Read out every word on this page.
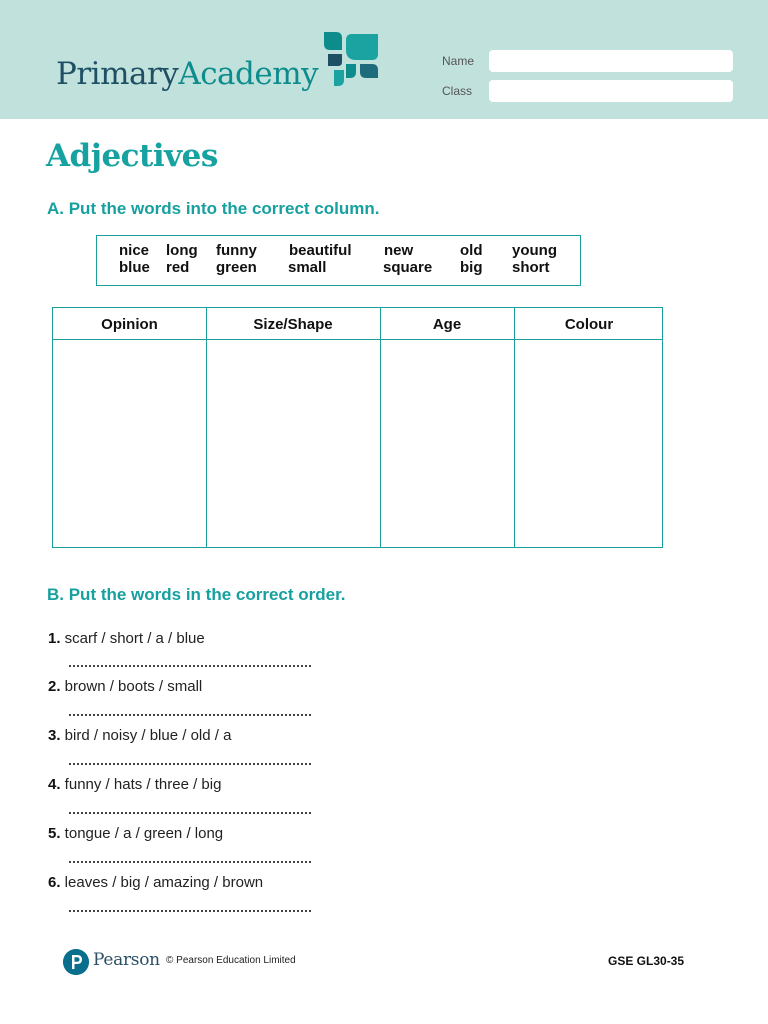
PrimaryAcademy	Name
Class
Adjectives
A. Put the words into the correct column.
nice long funny beautiful new	old young
blue red green small	square big short
Opinion	Size/Shape	Age	Colour
B. Put the words in the correct order.
1. scarf / short / a / blue
2. brown / boots / small
3. bird / noisy / blue / old / a
4. funny / hats / three / big
5. tongue / a / green / long
6. leaves / big / amazing / brown
Pearson © Pearson Education Limited	GSE GL30-35
